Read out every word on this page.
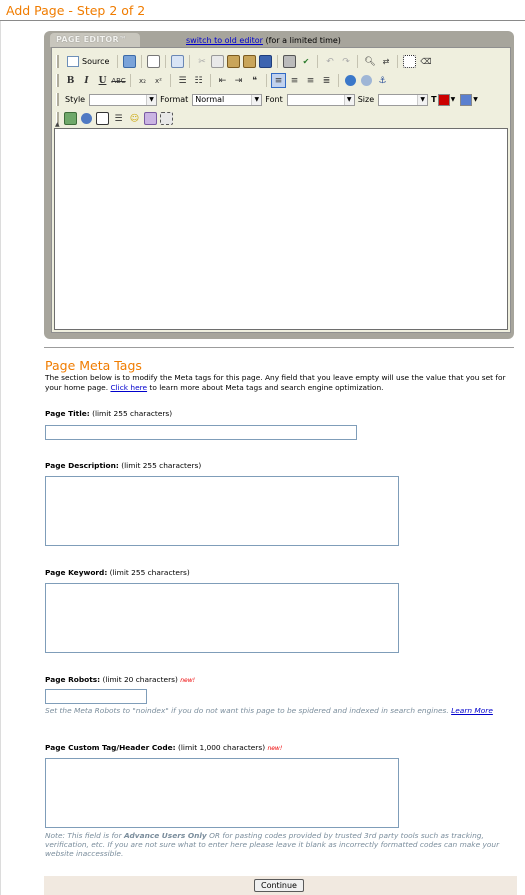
Add Page - Step 2 of 2
PAGE EDITOR™	switch to old editor (for a limited time)
Source	✂	✔	↶ ↷	🔍︎ ⇄	⌫
B	I	U ABC	x₂	x²	☰ ☷	⇤ ⇥	❝	≡ ≡ ≡ ≣	⚓︎
Style	▼ Format Normal	▼ Font	▼ Size	▼ T ▼	▼
☰ ☺
▲
Page Meta Tags
The section below is to modify the Meta tags for this page. Any field that you leave empty will use the value that you set for your home page. Click here to learn more about Meta tags and search engine optimization.
Page Title: (limit 255 characters)
Page Description: (limit 255 characters)
Page Keyword: (limit 255 characters)
Page Robots: (limit 20 characters) new!
Set the Meta Robots to "noindex" if you do not want this page to be spidered and indexed in search engines. Learn More
Page Custom Tag/Header Code: (limit 1,000 characters) new!
Note: This field is for Advance Users Only OR for pasting codes provided by trusted 3rd party tools such as tracking, verification, etc. If you are not sure what to enter here please leave it blank as incorrectly formatted codes can make your website inaccessible.
Continue
